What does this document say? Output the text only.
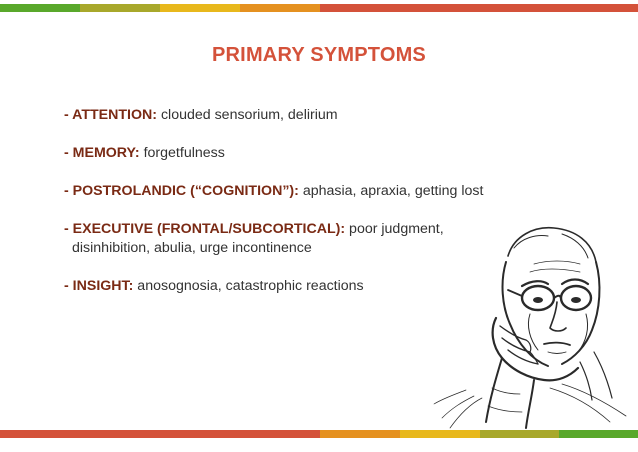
PRIMARY SYMPTOMS
- ATTENTION: clouded sensorium, delirium
- MEMORY: forgetfulness
- POSTROLANDIC (“COGNITION”): aphasia, apraxia, getting lost
- EXECUTIVE (FRONTAL/SUBCORTICAL): poor judgment,
disinhibition, abulia, urge incontinence
- INSIGHT: anosognosia, catastrophic reactions
